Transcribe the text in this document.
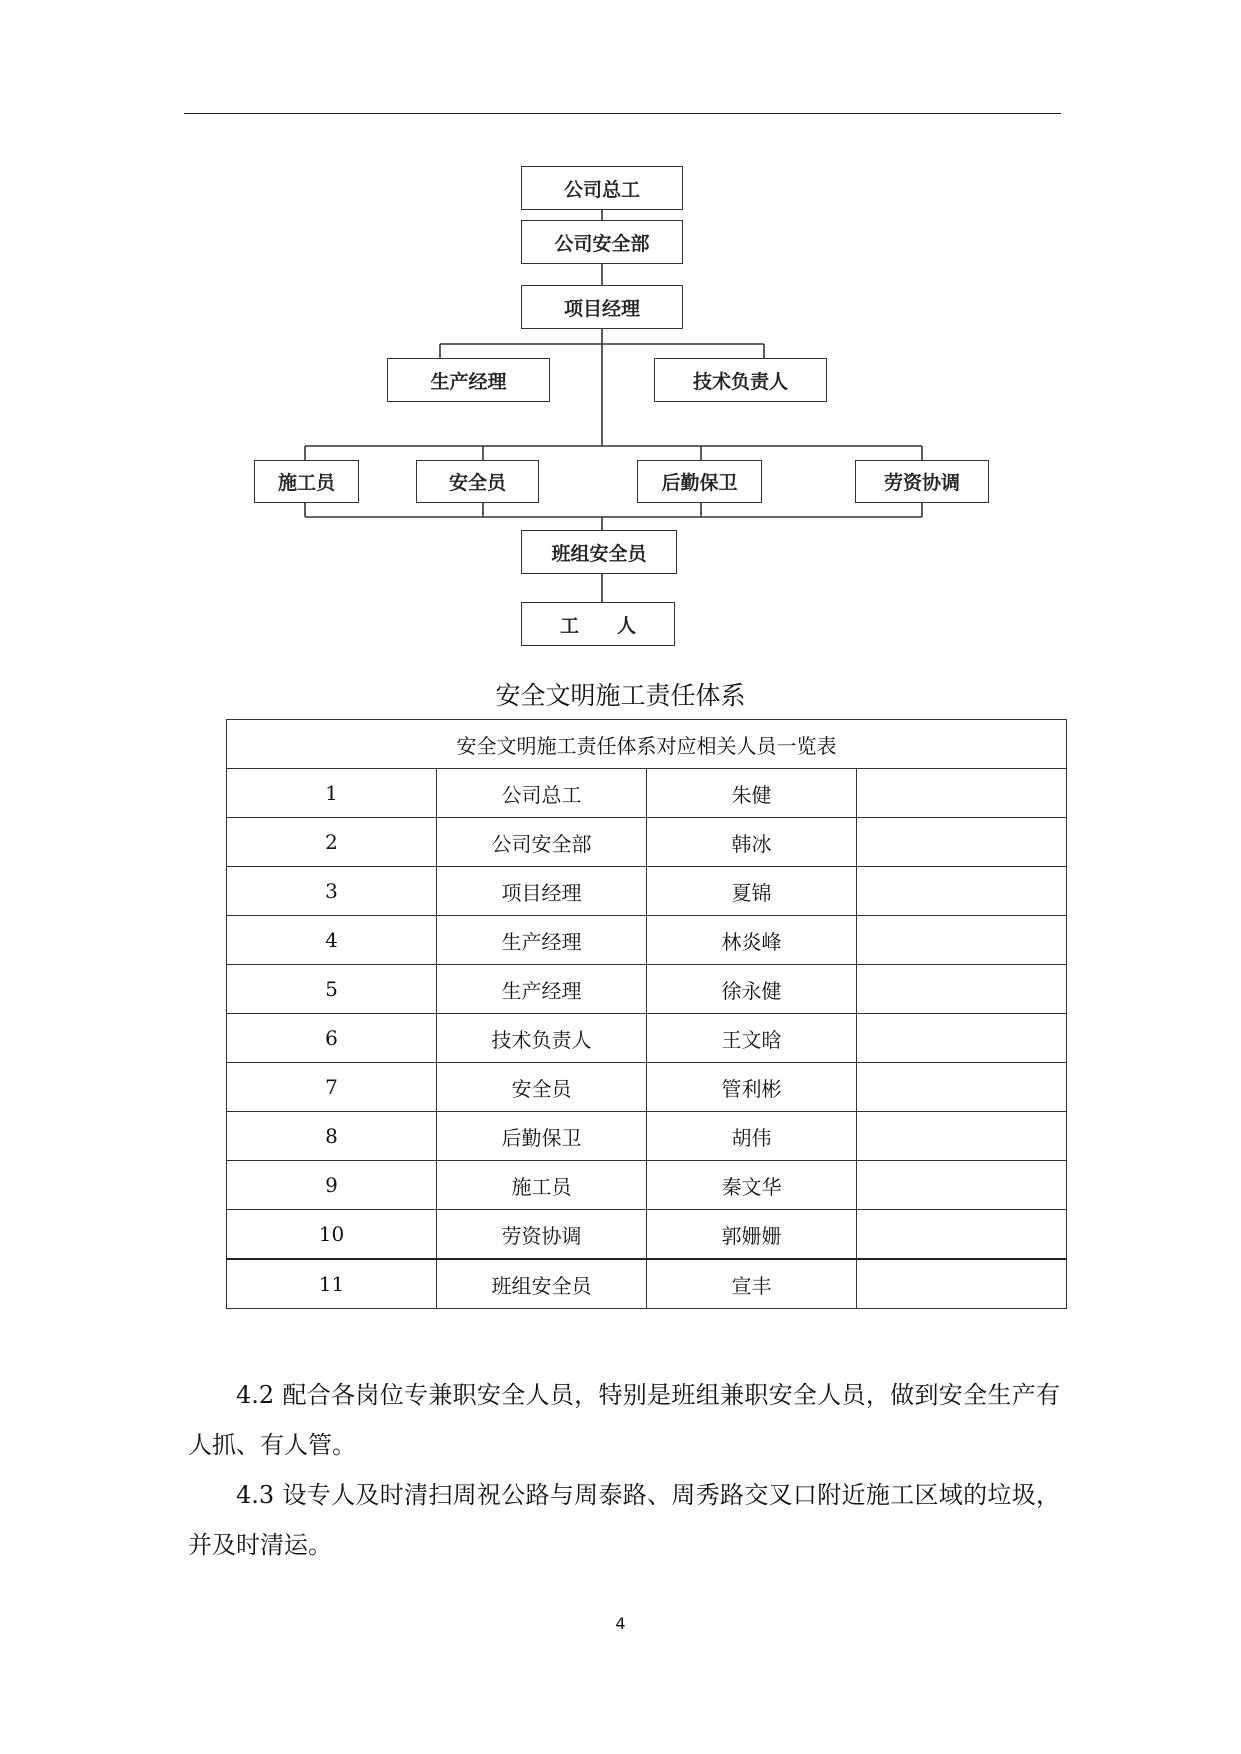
公司总工
公司安全部
项目经理
生产经理	技术负责人
施工员	安全员	后勤保卫	劳资协调
班组安全员
工　　人
安全文明施工责任体系
安全文明施工责任体系对应相关人员一览表			
1	公司总工	朱健	
2	公司安全部	韩冰	
3	项目经理	夏锦	
4	生产经理	林炎峰	
5	生产经理	徐永健	
6	技术负责人	王文晗	
7	安全员	管利彬	
8	后勤保卫	胡伟	
9	施工员	秦文华	
10	劳资协调	郭姗姗	
11	班组安全员	宣丰	
4.2 配合各岗位专兼职安全人员，特别是班组兼职安全人员，做到安全生产有人抓、有人管。
4.3 设专人及时清扫周祝公路与周泰路、周秀路交叉口附近施工区域的垃圾，并及时清运。
4
